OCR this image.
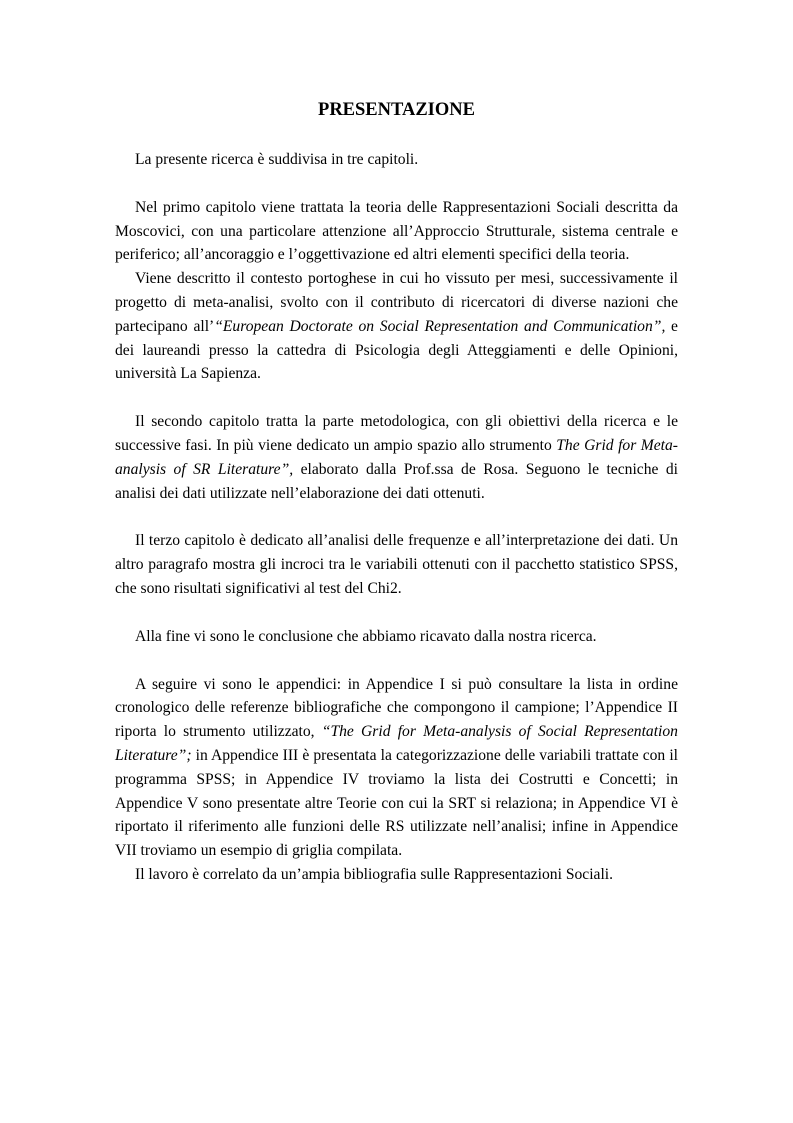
PRESENTAZIONE

La presente ricerca è suddivisa in tre capitoli.

Nel primo capitolo viene trattata la teoria delle Rappresentazioni Sociali descritta da Moscovici, con una particolare attenzione all’Approccio Strutturale, sistema centrale e periferico; all’ancoraggio e l’oggettivazione ed altri elementi specifici della teoria.

Viene descritto il contesto portoghese in cui ho vissuto per mesi, successivamente il progetto di meta-analisi, svolto con il contributo di ricercatori di diverse nazioni che partecipano all’“European Doctorate on Social Representation and Communication”, e dei laureandi presso la cattedra di Psicologia degli Atteggiamenti e delle Opinioni, università La Sapienza.

Il secondo capitolo tratta la parte metodologica, con gli obiettivi della ricerca e le successive fasi. In più viene dedicato un ampio spazio allo strumento The Grid for Meta-analysis of SR Literature”, elaborato dalla Prof.ssa de Rosa. Seguono le tecniche di analisi dei dati utilizzate nell’elaborazione dei dati ottenuti.

Il terzo capitolo è dedicato all’analisi delle frequenze e all’interpretazione dei dati. Un altro paragrafo mostra gli incroci tra le variabili ottenuti con il pacchetto statistico SPSS, che sono risultati significativi al test del Chi2.

Alla fine vi sono le conclusione che abbiamo ricavato dalla nostra ricerca.

A seguire vi sono le appendici: in Appendice I si può consultare la lista in ordine cronologico delle referenze bibliografiche che compongono il campione; l’Appendice II riporta lo strumento utilizzato, “The Grid for Meta-analysis of Social Representation Literature”; in Appendice III è presentata la categorizzazione delle variabili trattate con il programma SPSS; in Appendice IV troviamo la lista dei Costrutti e Concetti; in Appendice V sono presentate altre Teorie con cui la SRT si relaziona; in Appendice VI è riportato il riferimento alle funzioni delle RS utilizzate nell’analisi; infine in Appendice VII troviamo un esempio di griglia compilata.

Il lavoro è correlato da un’ampia bibliografia sulle Rappresentazioni Sociali.
